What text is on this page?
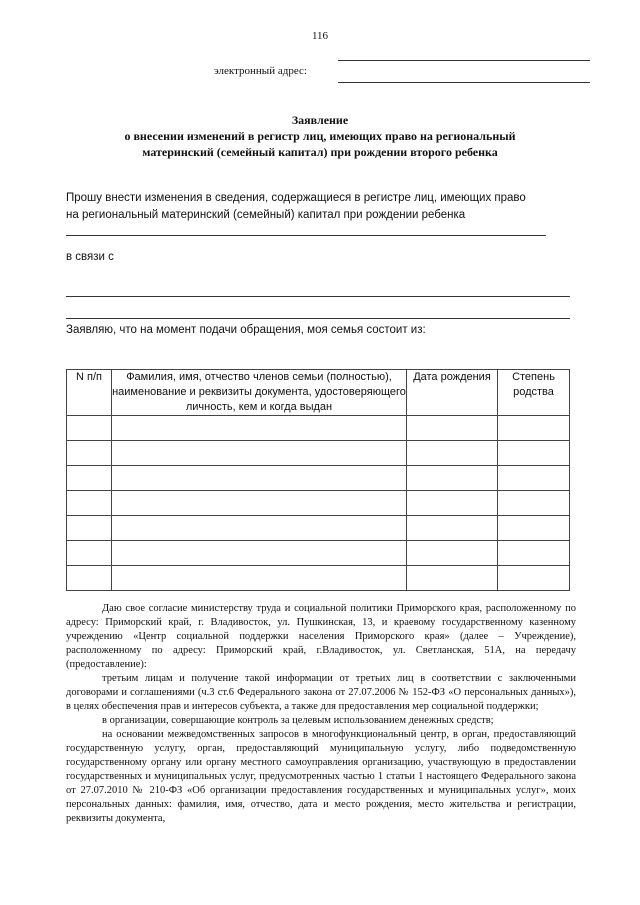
116
электронный адрес:
Заявление
о внесении изменений в регистр лиц, имеющих право на региональный
материнский (семейный капитал) при рождении второго ребенка
Прошу внести изменения в сведения, содержащиеся в регистре лиц, имеющих право
на региональный материнский (семейный) капитал при рождении ребенка
в связи с
Заявляю, что на момент подачи обращения, моя семья состоит из:
N п/п	Фамилия, имя, отчество членов семьи (полностью), наименование и реквизиты документа, удостоверяющего личность, кем и когда выдан	Дата рождения	Степень родства

Даю свое согласие министерству труда и социальной политики Приморского края, расположенному по адресу: Приморский край, г. Владивосток, ул. Пушкинская, 13, и краевому государственному казенному учреждению «Центр социальной поддержки населения Приморского края» (далее – Учреждение), расположенному по адресу: Приморский край, г.Владивосток, ул. Светланская, 51А, на передачу (предоставление):

третьим лицам и получение такой информации от третьих лиц в соответствии с заключенными договорами и соглашениями (ч.3 ст.6 Федерального закона от 27.07.2006 № 152-ФЗ «О персональных данных»), в целях обеспечения прав и интересов субъекта, а также для предоставления мер социальной поддержки;

в организации, совершающие контроль за целевым использованием денежных средств;

на основании межведомственных запросов в многофункциональный центр, в орган, предоставляющий государственную услугу, орган, предоставляющий муниципальную услугу, либо подведомственную государственному органу или органу местного самоуправления организацию, участвующую в предоставлении государственных и муниципальных услуг, предусмотренных частью 1 статьи 1 настоящего Федерального закона от 27.07.2010 № 210-ФЗ «Об организации предоставления государственных и муниципальных услуг», моих персональных данных: фамилия, имя, отчество, дата и место рождения, место жительства и регистрации, реквизиты документа,
